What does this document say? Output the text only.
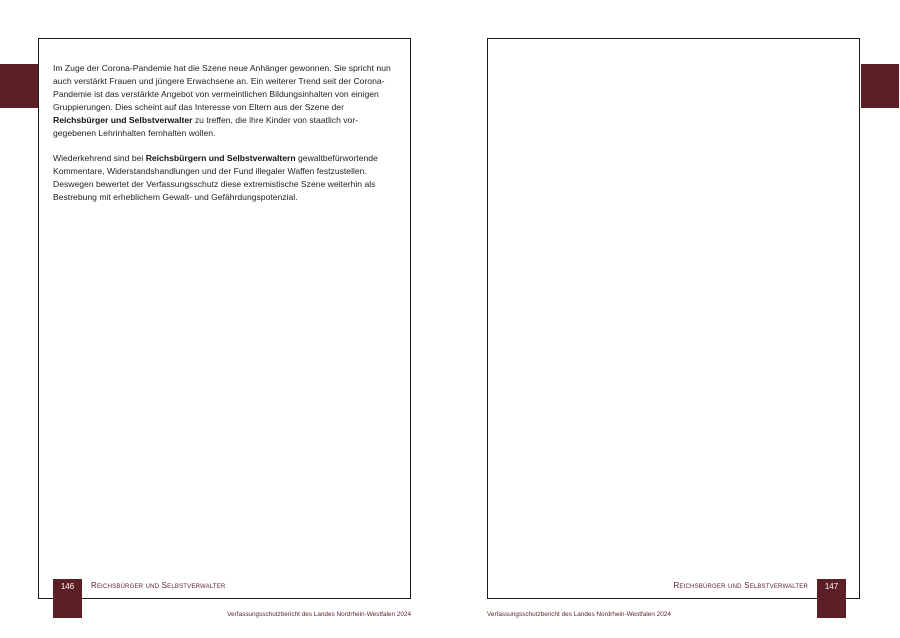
Im Zuge der Corona-Pandemie hat die Szene neue Anhänger gewonnen. Sie spricht nun auch verstärkt Frauen und jüngere Erwachsene an. Ein weiterer Trend seit der Corona-Pandemie ist das verstärkte Angebot von vermeintlichen Bildungsinhalten von einigen Gruppierungen. Dies scheint auf das Interesse von Eltern aus der Szene der Reichsbürger und Selbstverwalter zu treffen, die ihre Kinder von staatlich vor-gegebenen Lehrinhalten fernhalten wollen.

Wiederkehrend sind bei Reichsbürgern und Selbstverwaltern gewaltbefürwortende Kommentare, Widerstandshandlungen und der Fund illegaler Waffen festzustellen. Deswegen bewertet der Verfassungsschutz diese extremistische Szene weiterhin als Bestrebung mit erheblichem Gewalt- und Gefährdungspotenzial.

146	Reichsbürger und Selbstverwalter
Verfassungsschutzbericht des Landes Nordrhein-Westfalen 2024
147
Reichsbürger und Selbstverwalter
Verfassungsschutzbericht des Landes Nordrhein-Westfalen 2024
